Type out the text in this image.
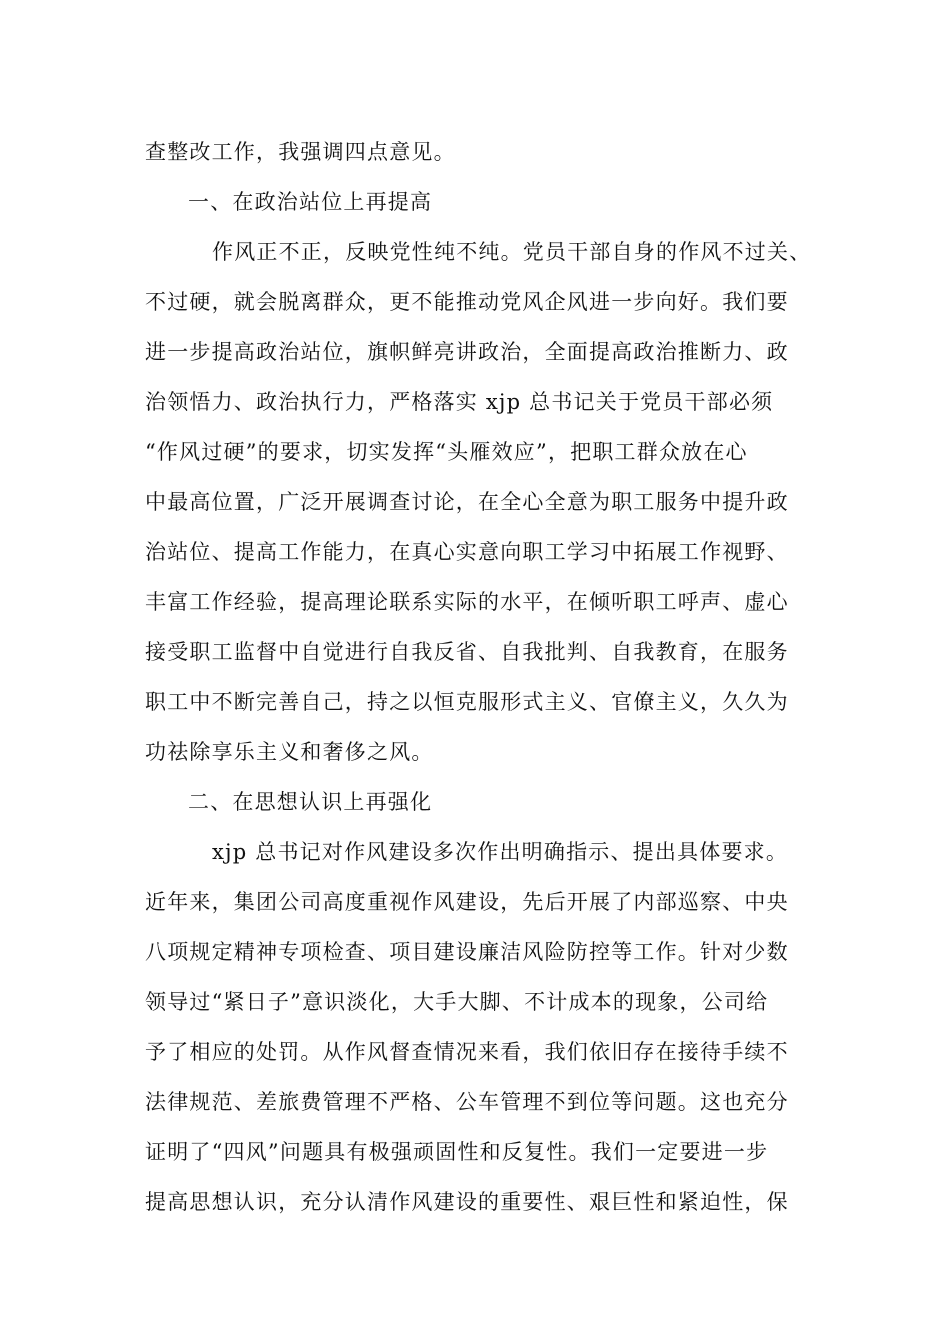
查整改工作，我强调四点意见。
一、在政治站位上再提高
作风正不正，反映党性纯不纯。党员干部自身的作风不过关、
不过硬，就会脱离群众，更不能推动党风企风进一步向好。我们要
进一步提高政治站位，旗帜鲜亮讲政治，全面提高政治推断力、政
治领悟力、政治执行力，严格落实 xjp 总书记关于党员干部必须
“作风过硬”的要求，切实发挥“头雁效应”，把职工群众放在心
中最高位置，广泛开展调查讨论，在全心全意为职工服务中提升政
治站位、提高工作能力，在真心实意向职工学习中拓展工作视野、
丰富工作经验，提高理论联系实际的水平，在倾听职工呼声、虚心
接受职工监督中自觉进行自我反省、自我批判、自我教育，在服务
职工中不断完善自己，持之以恒克服形式主义、官僚主义，久久为
功祛除享乐主义和奢侈之风。
二、在思想认识上再强化
xjp 总书记对作风建设多次作出明确指示、提出具体要求。
近年来，集团公司高度重视作风建设，先后开展了内部巡察、中央
八项规定精神专项检查、项目建设廉洁风险防控等工作。针对少数
领导过“紧日子”意识淡化，大手大脚、不计成本的现象，公司给
予了相应的处罚。从作风督查情况来看，我们依旧存在接待手续不
法律规范、差旅费管理不严格、公车管理不到位等问题。这也充分
证明了“四风”问题具有极强顽固性和反复性。我们一定要进一步
提高思想认识，充分认清作风建设的重要性、艰巨性和紧迫性，保
